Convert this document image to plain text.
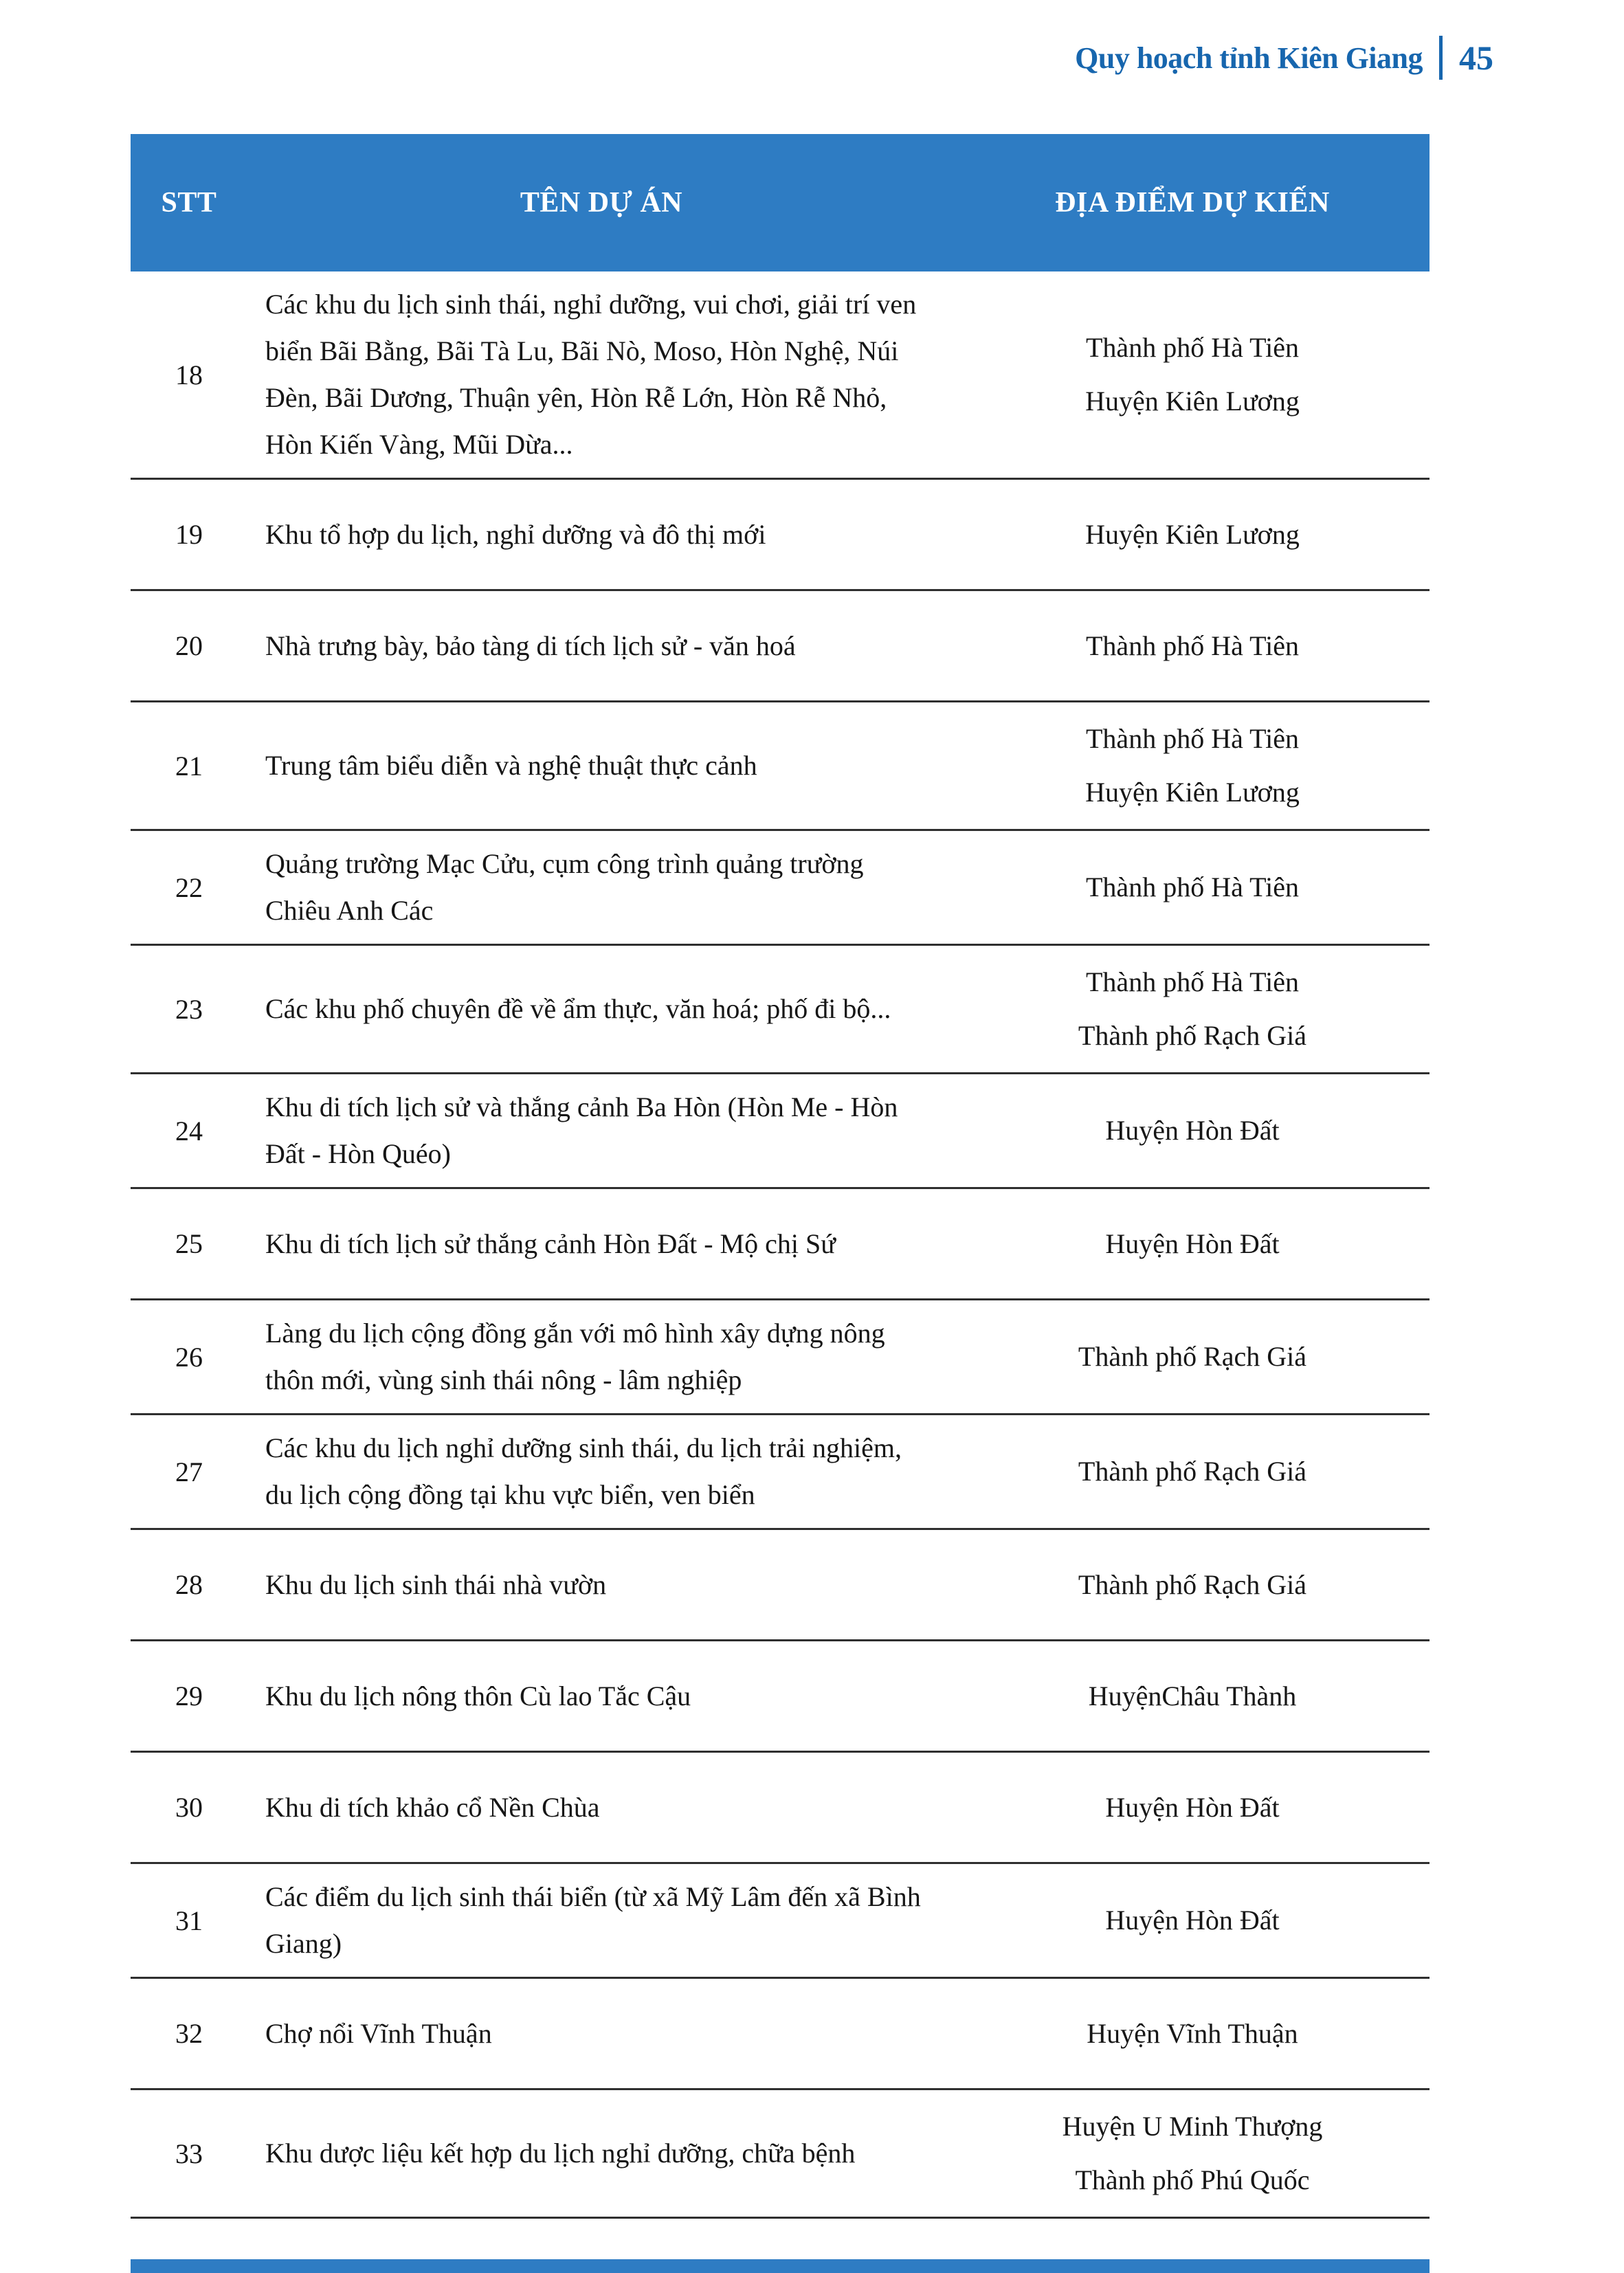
Quy hoạch tỉnh Kiên Giang 45
STT	TÊN DỰ ÁN	ĐỊA ĐIỂM DỰ KIẾN
18	Các khu du lịch sinh thái, nghỉ dưỡng, vui chơi, giải trí ven biển Bãi Bằng, Bãi Tà Lu, Bãi Nò, Moso, Hòn Nghệ, Núi Đèn, Bãi Dương, Thuận yên, Hòn Rễ Lớn, Hòn Rễ Nhỏ, Hòn Kiến Vàng, Mũi Dừa...	Thành phố Hà Tiên
Huyện Kiên Lương

19	Khu tổ hợp du lịch, nghỉ dưỡng và đô thị mới	Huyện Kiên Lương

20	Nhà trưng bày, bảo tàng di tích lịch sử - văn hoá	Thành phố Hà Tiên

21	Trung tâm biểu diễn và nghệ thuật thực cảnh	Thành phố Hà Tiên
Huyện Kiên Lương

22	Quảng trường Mạc Cửu, cụm công trình quảng trường Chiêu Anh Các	Thành phố Hà Tiên

23	Các khu phố chuyên đề về ẩm thực, văn hoá; phố đi bộ...	Thành phố Hà Tiên
Thành phố Rạch Giá

24	Khu di tích lịch sử và thắng cảnh Ba Hòn (Hòn Me - Hòn Đất - Hòn Quéo)	Huyện Hòn Đất

25	Khu di tích lịch sử thắng cảnh Hòn Đất - Mộ chị Sứ	Huyện Hòn Đất

26	Làng du lịch cộng đồng gắn với mô hình xây dựng nông thôn mới, vùng sinh thái nông - lâm nghiệp	Thành phố Rạch Giá

27	Các khu du lịch nghỉ dưỡng sinh thái, du lịch trải nghiệm, du lịch cộng đồng tại khu vực biển, ven biển	Thành phố Rạch Giá

28	Khu du lịch sinh thái nhà vườn	Thành phố Rạch Giá

29	Khu du lịch nông thôn Cù lao Tắc Cậu	HuyệnChâu Thành

30	Khu di tích khảo cổ Nền Chùa	Huyện Hòn Đất

31	Các điểm du lịch sinh thái biển (từ xã Mỹ Lâm đến xã Bình Giang)	Huyện Hòn Đất

32	Chợ nổi Vĩnh Thuận	Huyện Vĩnh Thuận

33	Khu dược liệu kết hợp du lịch nghỉ dưỡng, chữa bệnh	Huyện U Minh Thượng
Thành phố Phú Quốc
